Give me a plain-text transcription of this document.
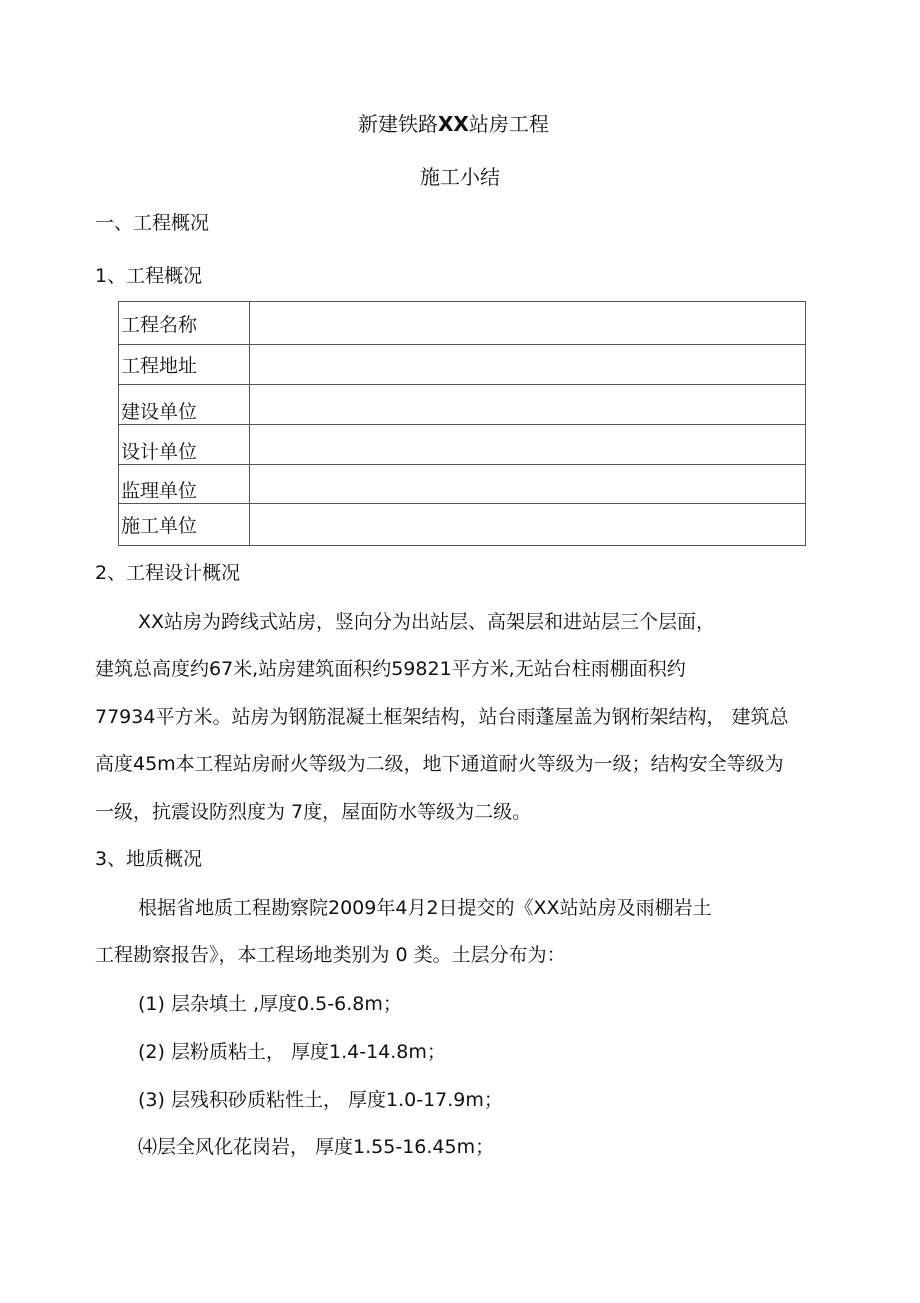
新建铁路XX站房工程
施工小结
一、工程概况
1、工程概况
工程名称	
工程地址	
建设单位	
设计单位	
监理单位	
施工单位	
2、工程设计概况
XX站房为跨线式站房，竖向分为出站层、高架层和进站层三个层面，
建筑总高度约67米,站房建筑面积约59821平方米,无站台柱雨棚面积约
77934平方米。站房为钢筋混凝土框架结构，站台雨蓬屋盖为钢桁架结构， 建筑总
高度45m本工程站房耐火等级为二级，地下通道耐火等级为一级；结构安全等级为
一级，抗震设防烈度为 7度，屋面防水等级为二级。
3、地质概况
根据省地质工程勘察院2009年4月2日提交的《XX站站房及雨棚岩土
工程勘察报告》，本工程场地类别为 0 类。土层分布为：
(1) 层杂填土 ,厚度0.5-6.8m；
(2) 层粉质粘土， 厚度1.4-14.8m；
(3) 层残积砂质粘性土， 厚度1.0-17.9m；
⑷层全风化花岗岩， 厚度1.55-16.45m；
